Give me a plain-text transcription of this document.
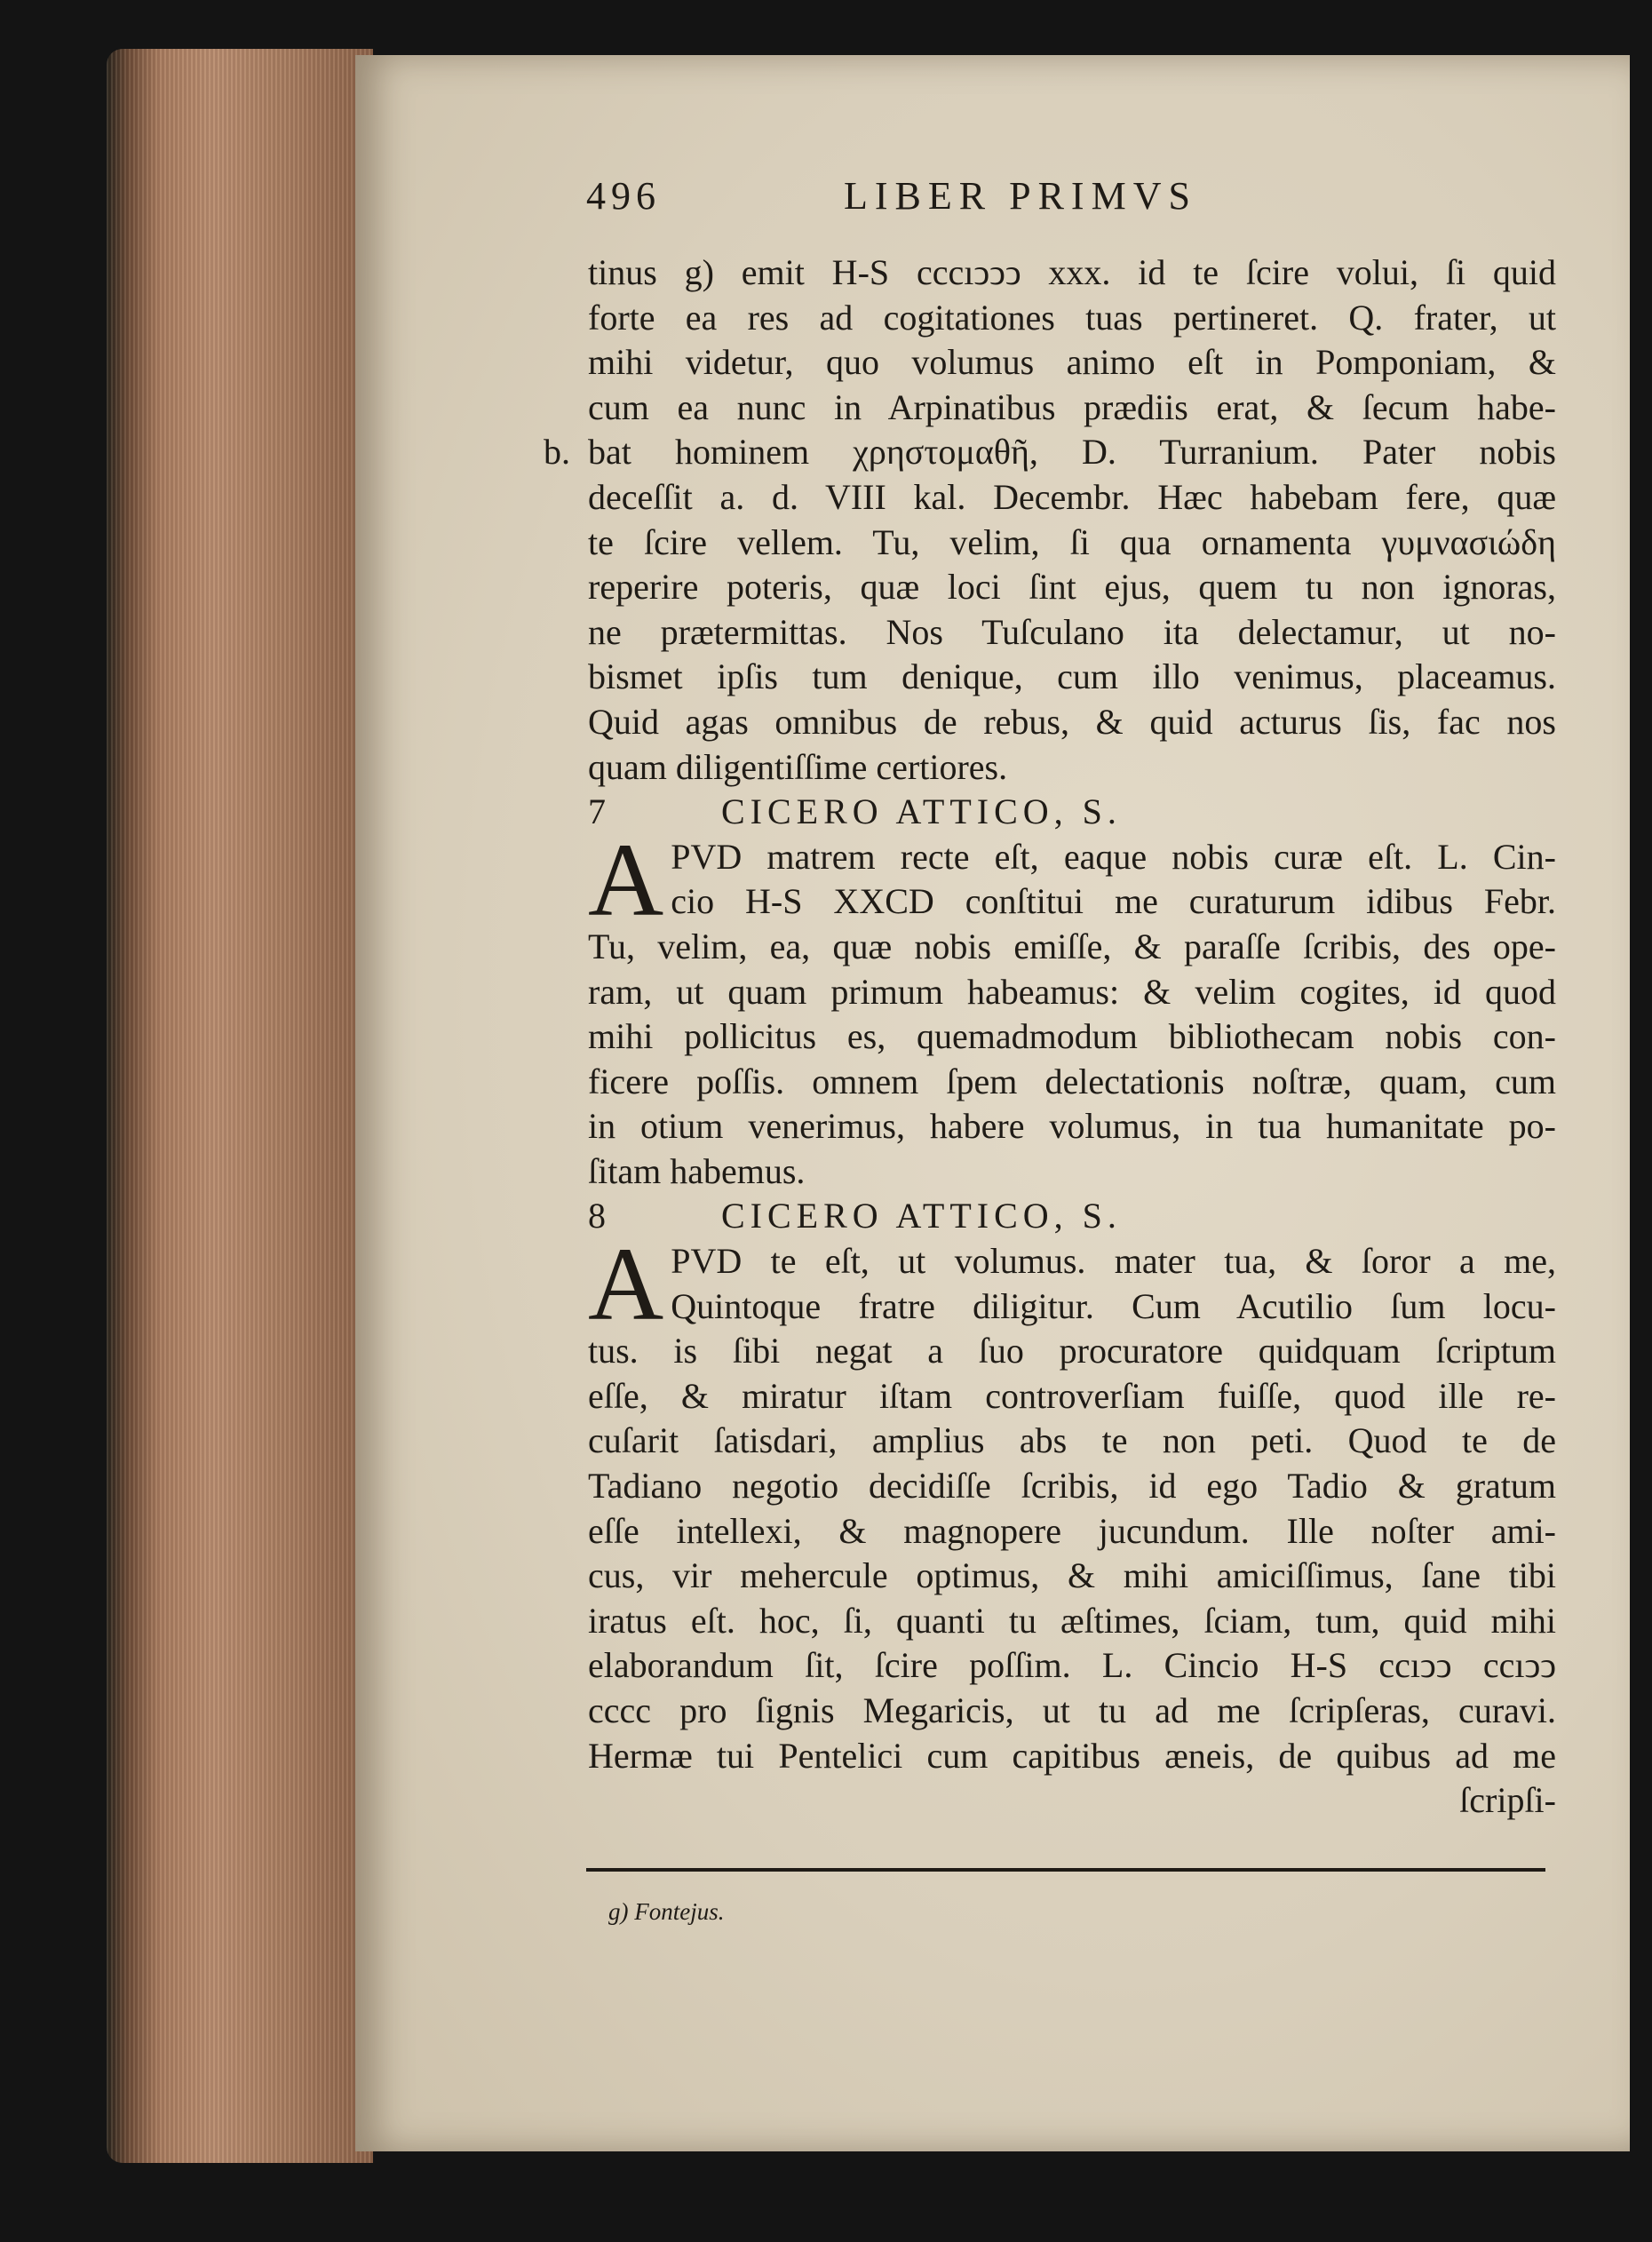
496	LIBER PRIMVS
tinus g) emit H-S cccıↄↄↄ xxx. id te ſcire volui, ſi quid
forte ea res ad cogitationes tuas pertineret. Q. frater, ut
mihi videtur, quo volumus animo eſt in Pomponiam, &
cum ea nunc in Arpinatibus prædiis erat, & ſecum habe-
b. bat hominem χρηστομαθῆ, D. Turranium. Pater nobis
deceſſit a. d. VIII kal. Decembr. Hæc habebam fere, quæ
te ſcire vellem. Tu, velim, ſi qua ornamenta γυμνασιώδη
reperire poteris, quæ loci ſint ejus, quem tu non ignoras,
ne prætermittas. Nos Tuſculano ita delectamur, ut no-
bismet ipſis tum denique, cum illo venimus, placeamus.
Quid agas omnibus de rebus, & quid acturus ſis, fac nos
quam diligentiſſime certiores.
7	CICERO ATTICO, S.
A PVD matrem recte eſt, eaque nobis curæ eſt. L. Cin-
cio H-S XXCD conſtitui me curaturum idibus Febr.
Tu, velim, ea, quæ nobis emiſſe, & paraſſe ſcribis, des ope-
ram, ut quam primum habeamus: & velim cogites, id quod
mihi pollicitus es, quemadmodum bibliothecam nobis con-
ficere poſſis. omnem ſpem delectationis noſtræ, quam, cum
in otium venerimus, habere volumus, in tua humanitate po-
ſitam habemus.
8	CICERO ATTICO, S.
A PVD te eſt, ut volumus. mater tua, & ſoror a me,
Quintoque fratre diligitur. Cum Acutilio ſum locu-
tus. is ſibi negat a ſuo procuratore quidquam ſcriptum
eſſe, & miratur iſtam controverſiam fuiſſe, quod ille re-
cuſarit ſatisdari, amplius abs te non peti. Quod te de
Tadiano negotio decidiſſe ſcribis, id ego Tadio & gratum
eſſe intellexi, & magnopere jucundum. Ille noſter ami-
cus, vir mehercule optimus, & mihi amiciſſimus, ſane tibi
iratus eſt. hoc, ſi, quanti tu æſtimes, ſciam, tum, quid mihi
elaborandum ſit, ſcire poſſim. L. Cincio H-S ccıↄↄ ccıↄↄ
cccc pro ſignis Megaricis, ut tu ad me ſcripſeras, curavi.
Hermæ tui Pentelici cum capitibus æneis, de quibus ad me
ſcripſi-
g) Fontejus.
